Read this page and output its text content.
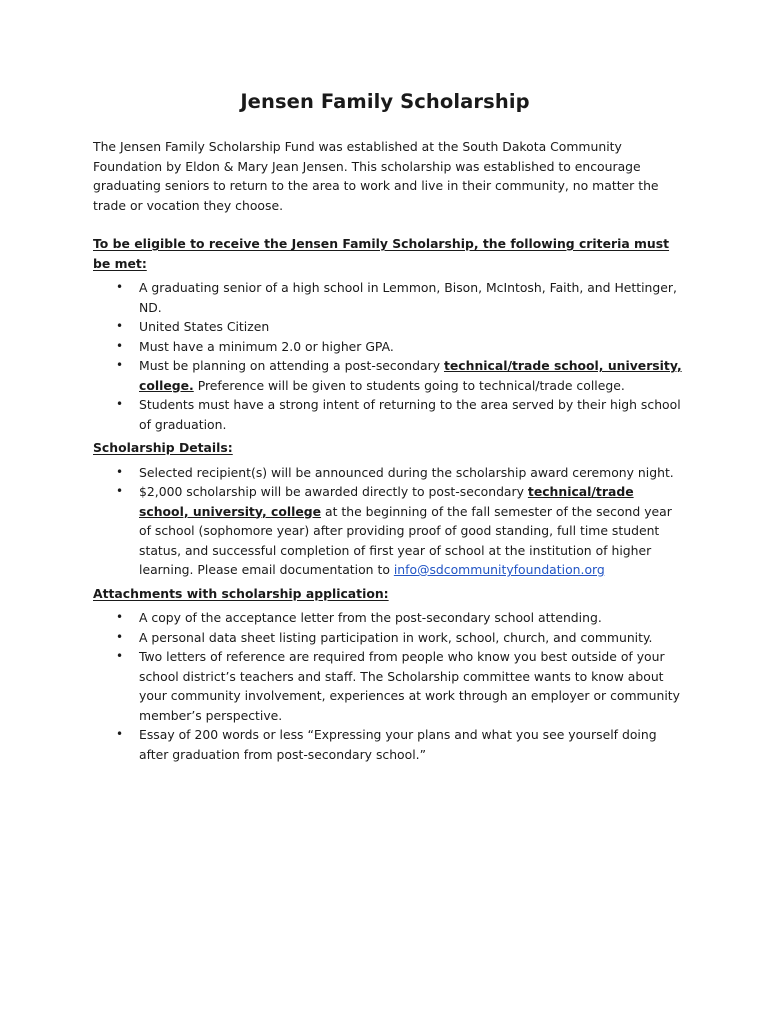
Jensen Family Scholarship

The Jensen Family Scholarship Fund was established at the South Dakota Community Foundation by Eldon & Mary Jean Jensen. This scholarship was established to encourage graduating seniors to return to the area to work and live in their community, no matter the trade or vocation they choose.

To be eligible to receive the Jensen Family Scholarship, the following criteria must be met:

• A graduating senior of a high school in Lemmon, Bison, McIntosh, Faith, and Hettinger, ND.
• United States Citizen
• Must have a minimum 2.0 or higher GPA.
• Must be planning on attending a post-secondary technical/trade school, university, college. Preference will be given to students going to technical/trade college.
• Students must have a strong intent of returning to the area served by their high school of graduation.

Scholarship Details:

• Selected recipient(s) will be announced during the scholarship award ceremony night.
• $2,000 scholarship will be awarded directly to post-secondary technical/trade school, university, college at the beginning of the fall semester of the second year of school (sophomore year) after providing proof of good standing, full time student status, and successful completion of first year of school at the institution of higher learning. Please email documentation to info@sdcommunityfoundation.org

Attachments with scholarship application:

• A copy of the acceptance letter from the post-secondary school attending.
• A personal data sheet listing participation in work, school, church, and community.
• Two letters of reference are required from people who know you best outside of your school district’s teachers and staff. The Scholarship committee wants to know about your community involvement, experiences at work through an employer or community member’s perspective.
• Essay of 200 words or less “Expressing your plans and what you see yourself doing after graduation from post-secondary school.”
